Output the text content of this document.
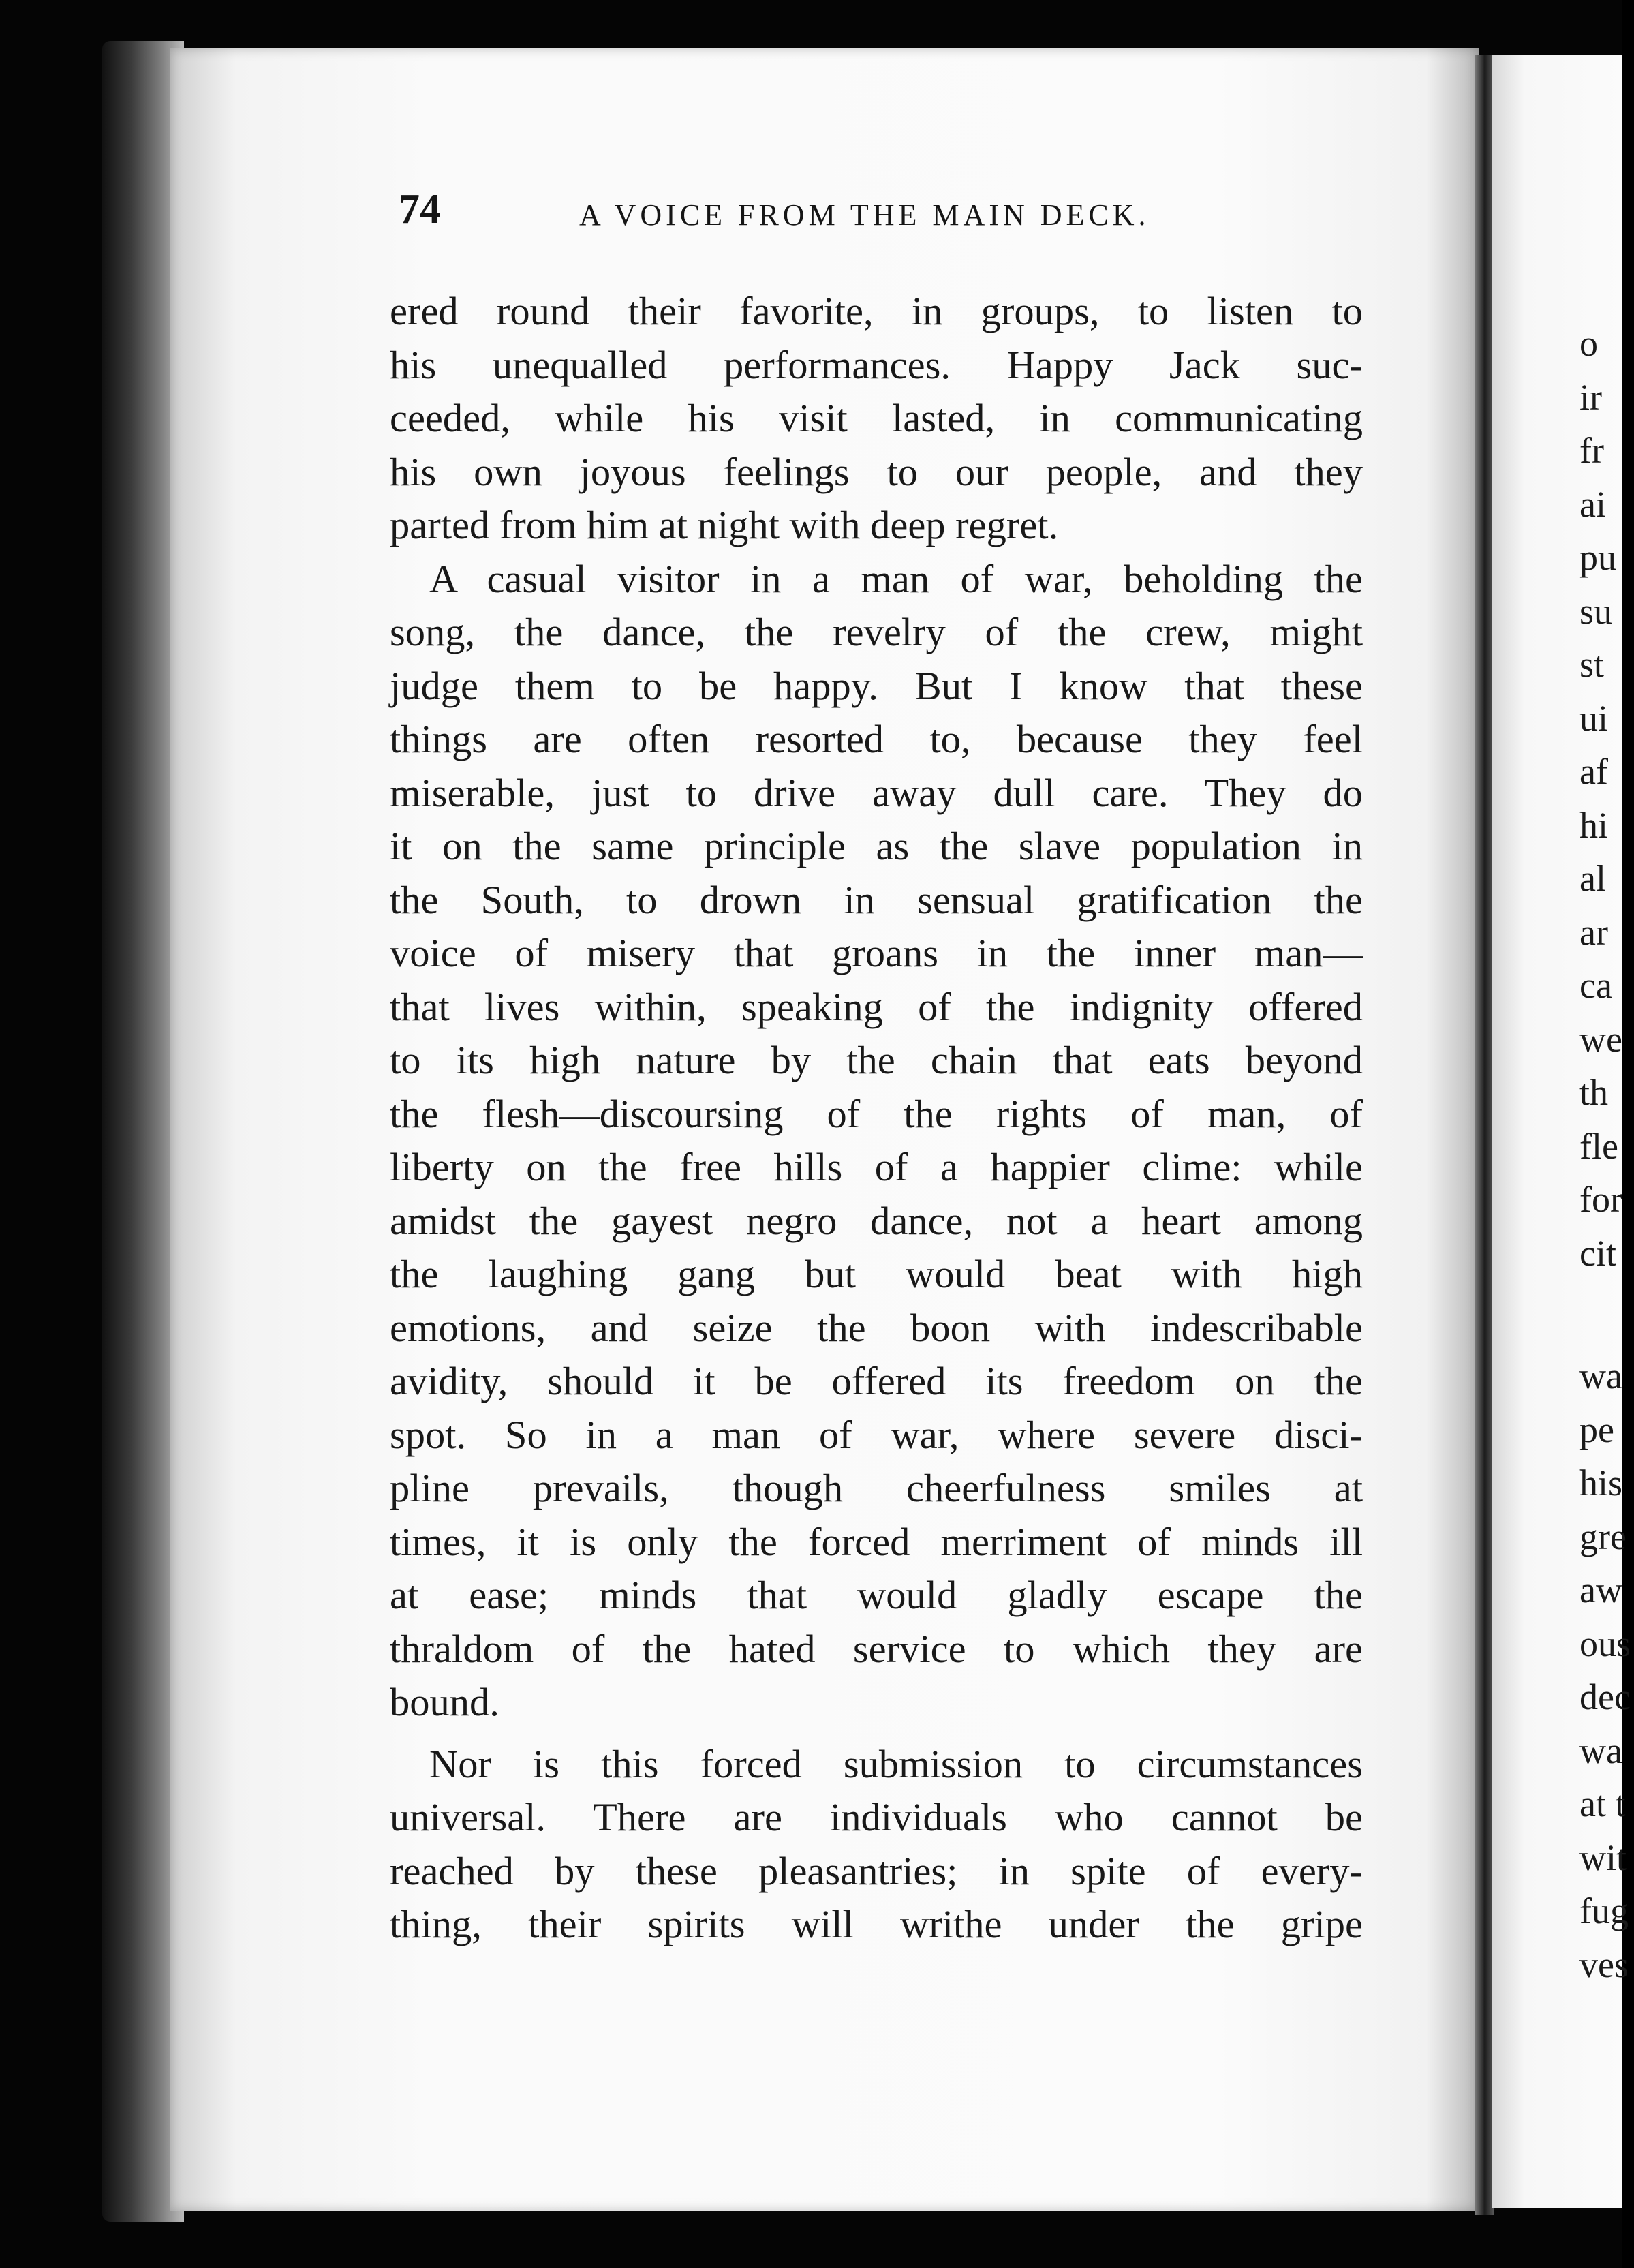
74	A VOICE FROM THE MAIN DECK.
ered round their favorite, in groups, to listen to
his unequalled performances. Happy Jack suc-
ceeded, while his visit lasted, in communicating
his own joyous feelings to our people, and they
parted from him at night with deep regret.
A casual visitor in a man of war, beholding the
song, the dance, the revelry of the crew, might
judge them to be happy. But I know that these
things are often resorted to, because they feel
miserable, just to drive away dull care. They do
it on the same principle as the slave population in
the South, to drown in sensual gratification the
voice of misery that groans in the inner man—
that lives within, speaking of the indignity offered
to its high nature by the chain that eats beyond
the flesh—discoursing of the rights of man, of
liberty on the free hills of a happier clime: while
amidst the gayest negro dance, not a heart among
the laughing gang but would beat with high
emotions, and seize the boon with indescribable
avidity, should it be offered its freedom on the
spot. So in a man of war, where severe disci-
pline prevails, though cheerfulness smiles at
times, it is only the forced merriment of minds ill
at ease; minds that would gladly escape the
thraldom of the hated service to which they are
bound.
Nor is this forced submission to circumstances
universal. There are individuals who cannot be
reached by these pleasantries; in spite of every-
thing, their spirits will writhe under the gripe
o
ir
fr
ai
pu
su
st
ui
af
hi
al
ar
ca
we
th
fle
for
cit
wa
pe
his
gre
aw
ous
dec
wa
at t
wit
fug
ves
